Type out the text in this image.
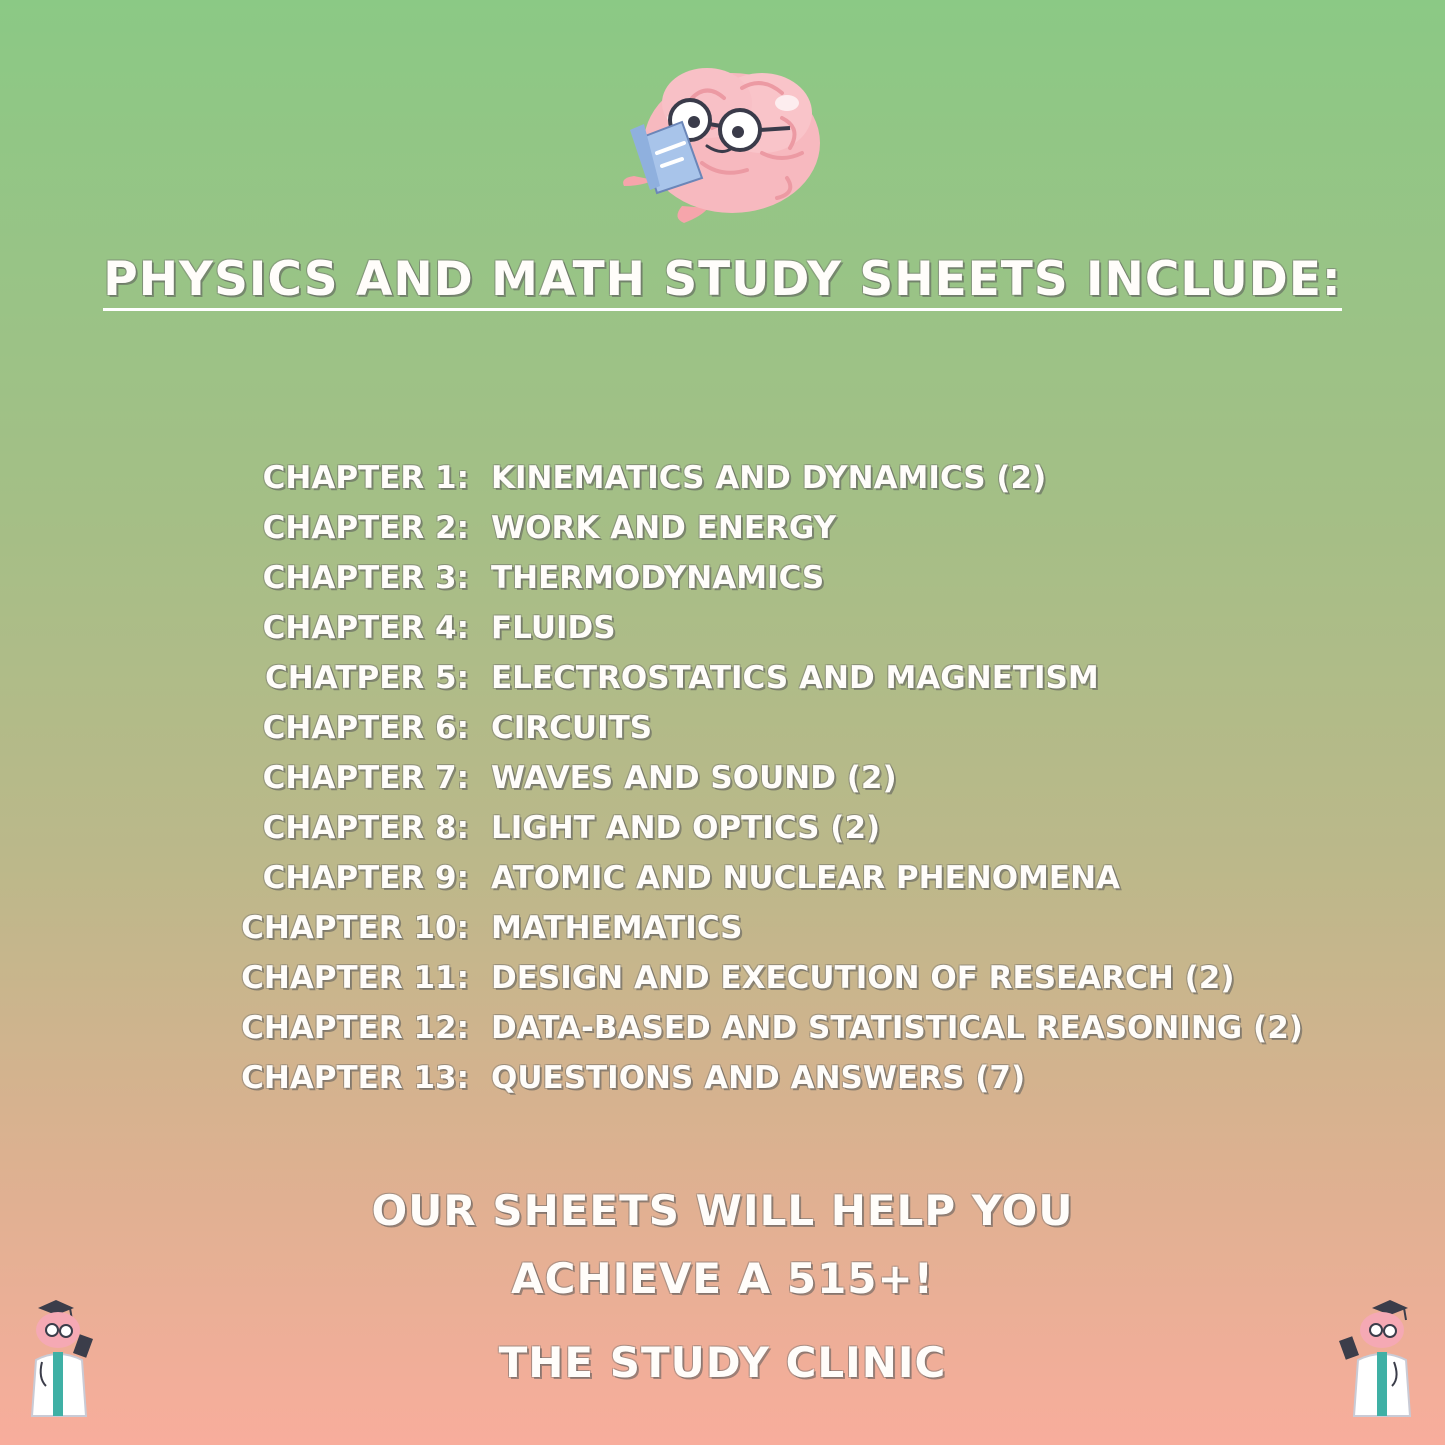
PHYSICS AND MATH STUDY SHEETS INCLUDE:
CHAPTER 1: KINEMATICS AND DYNAMICS (2)
CHAPTER 2: WORK AND ENERGY
CHAPTER 3: THERMODYNAMICS
CHAPTER 4: FLUIDS
CHATPER 5: ELECTROSTATICS AND MAGNETISM
CHAPTER 6: CIRCUITS
CHAPTER 7: WAVES AND SOUND (2)
CHAPTER 8: LIGHT AND OPTICS (2)
CHAPTER 9: ATOMIC AND NUCLEAR PHENOMENA
CHAPTER 10: MATHEMATICS
CHAPTER 11: DESIGN AND EXECUTION OF RESEARCH (2)
CHAPTER 12: DATA-BASED AND STATISTICAL REASONING (2)
CHAPTER 13: QUESTIONS AND ANSWERS (7)
OUR SHEETS WILL HELP YOU
ACHIEVE A 515+!
THE STUDY CLINIC
